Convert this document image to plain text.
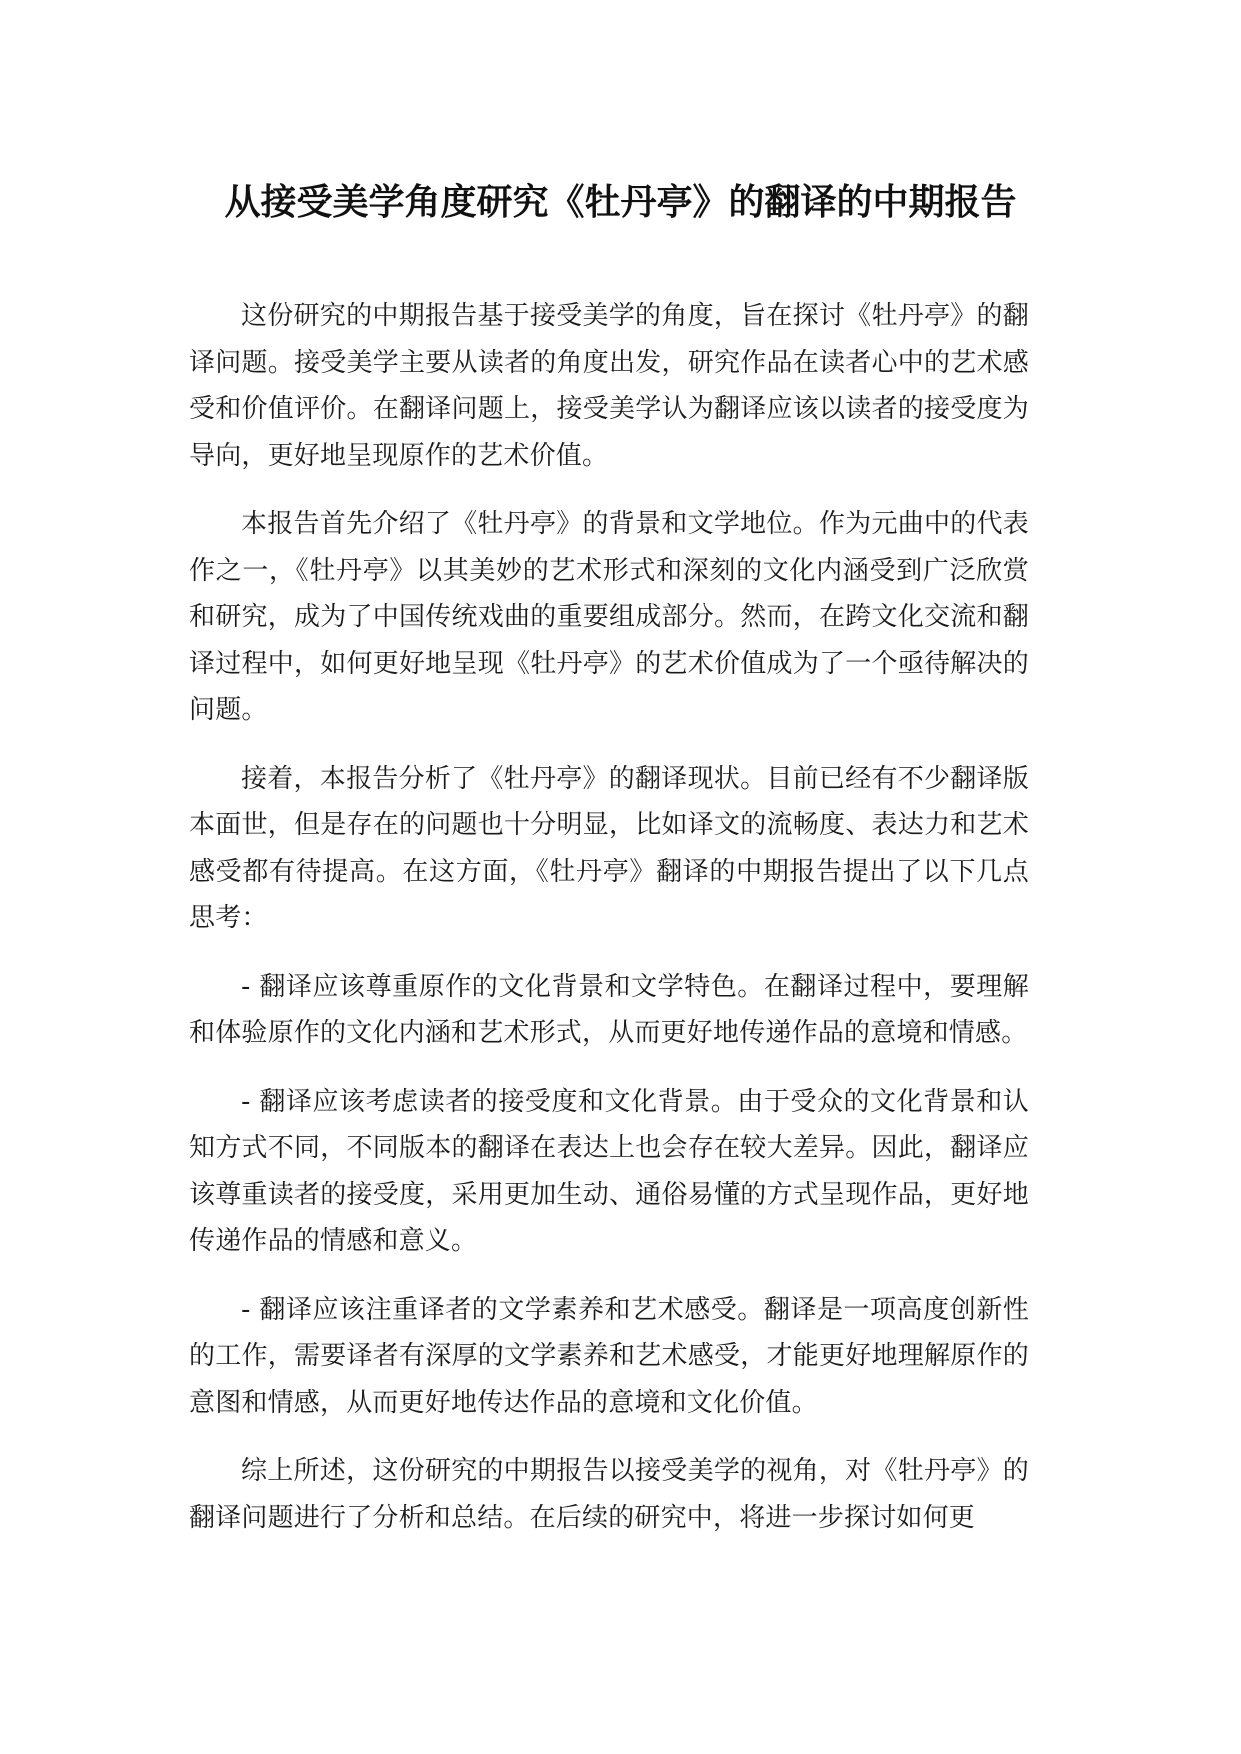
从接受美学角度研究《牡丹亭》的翻译的中期报告

这份研究的中期报告基于接受美学的角度，旨在探讨《牡丹亭》的翻译问题。接受美学主要从读者的角度出发，研究作品在读者心中的艺术感受和价值评价。在翻译问题上，接受美学认为翻译应该以读者的接受度为导向，更好地呈现原作的艺术价值。

本报告首先介绍了《牡丹亭》的背景和文学地位。作为元曲中的代表作之一，《牡丹亭》以其美妙的艺术形式和深刻的文化内涵受到广泛欣赏和研究，成为了中国传统戏曲的重要组成部分。然而，在跨文化交流和翻译过程中，如何更好地呈现《牡丹亭》的艺术价值成为了一个亟待解决的问题。

接着，本报告分析了《牡丹亭》的翻译现状。目前已经有不少翻译版本面世，但是存在的问题也十分明显，比如译文的流畅度、表达力和艺术感受都有待提高。在这方面，《牡丹亭》翻译的中期报告提出了以下几点思考：

- 翻译应该尊重原作的文化背景和文学特色。在翻译过程中，要理解和体验原作的文化内涵和艺术形式，从而更好地传递作品的意境和情感。

- 翻译应该考虑读者的接受度和文化背景。由于受众的文化背景和认知方式不同，不同版本的翻译在表达上也会存在较大差异。因此，翻译应该尊重读者的接受度，采用更加生动、通俗易懂的方式呈现作品，更好地传递作品的情感和意义。

- 翻译应该注重译者的文学素养和艺术感受。翻译是一项高度创新性的工作，需要译者有深厚的文学素养和艺术感受，才能更好地理解原作的意图和情感，从而更好地传达作品的意境和文化价值。

综上所述，这份研究的中期报告以接受美学的视角，对《牡丹亭》的翻译问题进行了分析和总结。在后续的研究中，将进一步探讨如何更
